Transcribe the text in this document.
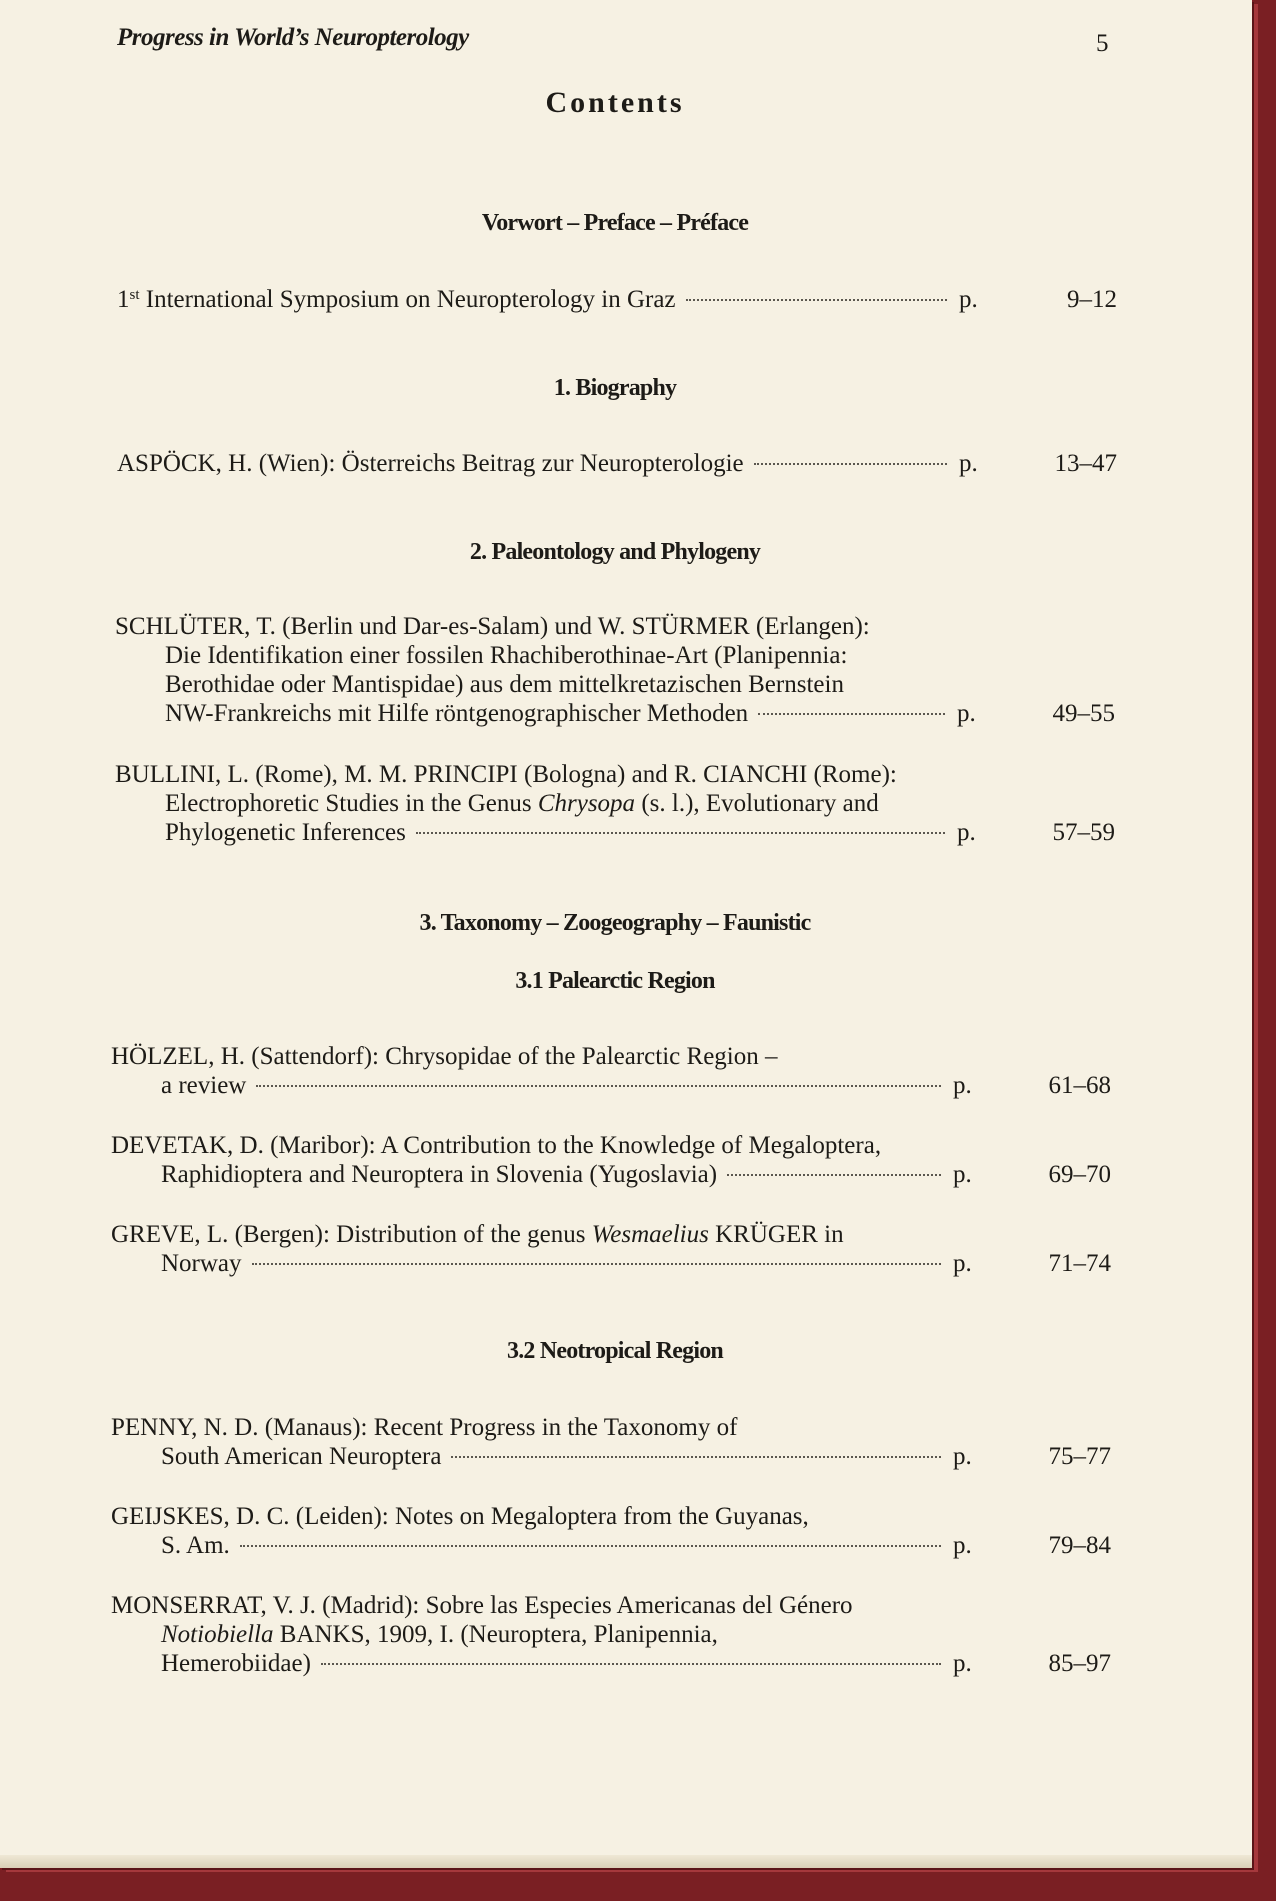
Progress in World’s Neuropterology	5
Contents
Vorwort – Preface – Préface
1st International Symposium on Neuropterology in Graz	p.	9–12
1. Biography
ASPÖCK, H. (Wien): Österreichs Beitrag zur Neuropterologie	p.	13–47
2. Paleontology and Phylogeny
SCHLÜTER, T. (Berlin und Dar-es-Salam) und W. STÜRMER (Erlangen):
Die Identifikation einer fossilen Rhachiberothinae-Art (Planipennia:
Berothidae oder Mantispidae) aus dem mittelkretazischen Bernstein
NW-Frankreichs mit Hilfe röntgenographischer Methoden	p.	49–55
BULLINI, L. (Rome), M. M. PRINCIPI (Bologna) and R. CIANCHI (Rome):
Electrophoretic Studies in the Genus Chrysopa (s. l.), Evolutionary and
Phylogenetic Inferences	p.	57–59
3. Taxonomy – Zoogeography – Faunistic
3.1 Palearctic Region
HÖLZEL, H. (Sattendorf): Chrysopidae of the Palearctic Region –
a review	p.	61–68
DEVETAK, D. (Maribor): A Contribution to the Knowledge of Megaloptera,
Raphidioptera and Neuroptera in Slovenia (Yugoslavia)	p.	69–70
GREVE, L. (Bergen): Distribution of the genus Wesmaelius KRÜGER in
Norway	p.	71–74
3.2 Neotropical Region
PENNY, N. D. (Manaus): Recent Progress in the Taxonomy of
South American Neuroptera	p.	75–77
GEIJSKES, D. C. (Leiden): Notes on Megaloptera from the Guyanas,
S. Am.	p.	79–84
MONSERRAT, V. J. (Madrid): Sobre las Especies Americanas del Género
Notiobiella BANKS, 1909, I. (Neuroptera, Planipennia,
Hemerobiidae)	p.	85–97
